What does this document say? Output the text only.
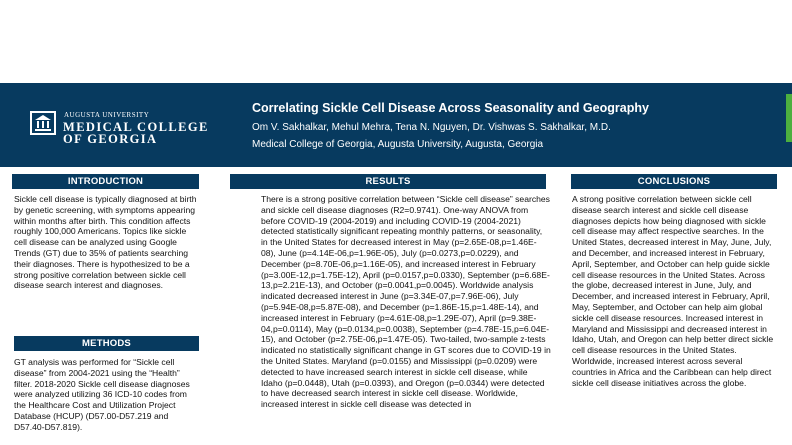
AUGUSTA UNIVERSITY
MEDICAL COLLEGE
OF GEORGIA
Correlating Sickle Cell Disease Across Seasonality and Geography
Om V. Sakhalkar, Mehul Mehra, Tena N. Nguyen, Dr. Vishwas S. Sakhalkar, M.D.
Medical College of Georgia, Augusta University, Augusta, Georgia
INTRODUCTION

Sickle cell disease is typically diagnosed at birth by genetic screening, with symptoms appearing within months after birth. This condition affects roughly 100,000 Americans. Topics like sickle cell disease can be analyzed using Google Trends (GT) due to 35% of patients searching their diagnoses. There is hypothesized to be a strong positive correlation between sickle cell disease search interest and diagnoses.

METHODS

GT analysis was performed for “Sickle cell disease” from 2004-2021 using the “Health” filter. 2018-2020 Sickle cell disease diagnoses were analyzed utilizing 36 ICD-10 codes from the Healthcare Cost and Utilization Project Database (HCUP) (D57.00-D57.219 and D57.40-D57.819).

RESULTS

There is a strong positive correlation between “Sickle cell disease” searches and sickle cell disease diagnoses (R2=0.9741). One-way ANOVA from before COVID-19 (2004-2019) and including COVID-19 (2004-2021) detected statistically significant repeating monthly patterns, or seasonality, in the United States for decreased interest in May (p=2.65E-08,p=1.46E-08), June (p=4.14E-06,p=1.96E-05), July (p=0.0273,p=0.0229), and December (p=8.70E-06,p=1.16E-05), and increased interest in February (p=3.00E-12,p=1.75E-12), April (p=0.0157,p=0.0330), September (p=6.68E-13,p=2.21E-13), and October (p=0.0041,p=0.0045). Worldwide analysis indicated decreased interest in June (p=3.34E-07,p=7.96E-06), July (p=5.94E-08,p=5.87E-08), and December (p=1.86E-15,p=1.48E-14), and increased interest in February (p=4.61E-08,p=1.29E-07), April (p=9.38E-04,p=0.0114), May (p=0.0134,p=0.0038), September (p=4.78E-15,p=6.04E-15), and October (p=2.75E-06,p=1.47E-05). Two-tailed, two-sample z-tests indicated no statistically significant change in GT scores due to COVID-19 in the United States. Maryland (p=0.0155) and Mississippi (p=0.0209) were detected to have increased search interest in sickle cell disease, while Idaho (p=0.0448), Utah (p=0.0393), and Oregon (p=0.0344) were detected to have decreased search interest in sickle cell disease. Worldwide, increased interest in sickle cell disease was detected in

CONCLUSIONS

A strong positive correlation between sickle cell disease search interest and sickle cell disease diagnoses depicts how being diagnosed with sickle cell disease may affect respective searches. In the United States, decreased interest in May, June, July, and December, and increased interest in February, April, September, and October can help guide sickle cell disease resources in the United States. Across the globe, decreased interest in June, July, and December, and increased interest in February, April, May, September, and October can help aim global sickle cell disease resources. Increased interest in Maryland and Mississippi and decreased interest in Idaho, Utah, and Oregon can help better direct sickle cell disease resources in the United States. Worldwide, increased interest across several countries in Africa and the Caribbean can help direct sickle cell disease initiatives across the globe.
